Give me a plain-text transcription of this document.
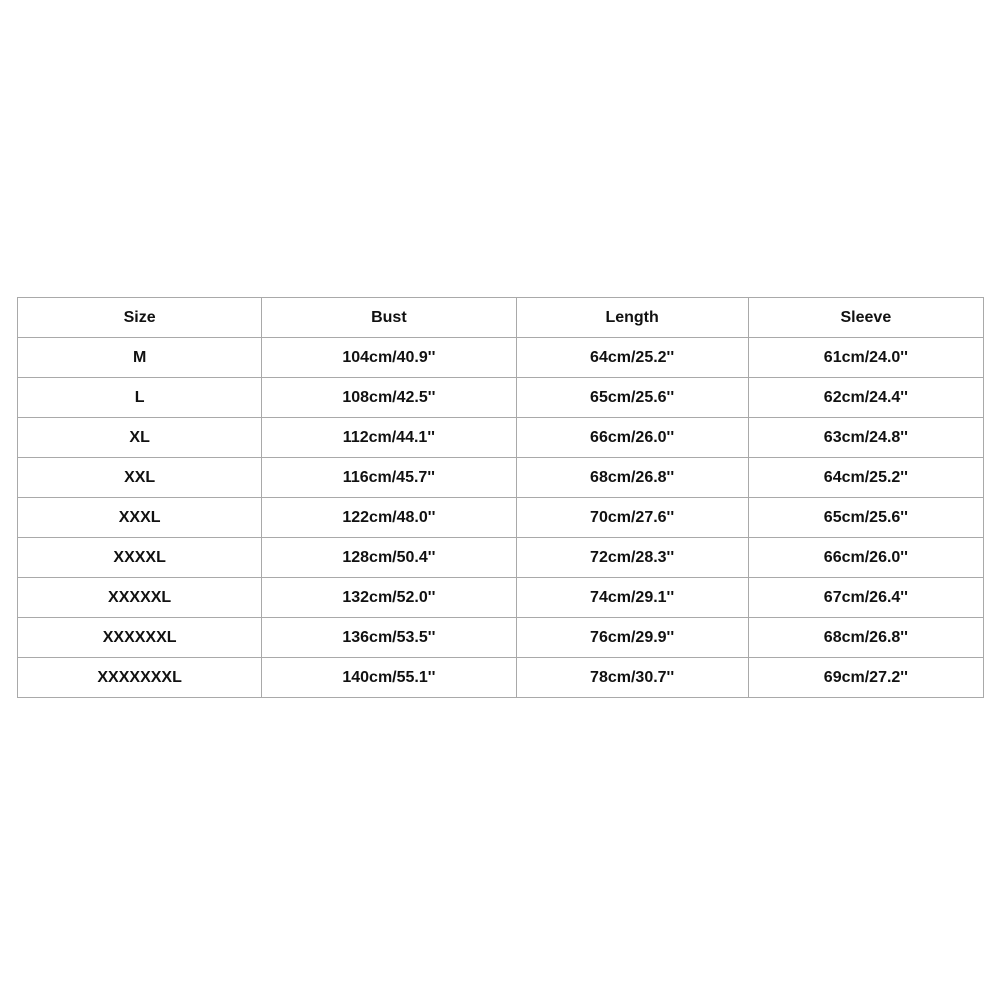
Size	Bust	Length	Sleeve
M	104cm/40.9''	64cm/25.2''	61cm/24.0''
L	108cm/42.5''	65cm/25.6''	62cm/24.4''
XL	112cm/44.1''	66cm/26.0''	63cm/24.8''
XXL	116cm/45.7''	68cm/26.8''	64cm/25.2''
XXXL	122cm/48.0''	70cm/27.6''	65cm/25.6''
XXXXL	128cm/50.4''	72cm/28.3''	66cm/26.0''
XXXXXL	132cm/52.0''	74cm/29.1''	67cm/26.4''
XXXXXXL	136cm/53.5''	76cm/29.9''	68cm/26.8''
XXXXXXXL	140cm/55.1''	78cm/30.7''	69cm/27.2''
